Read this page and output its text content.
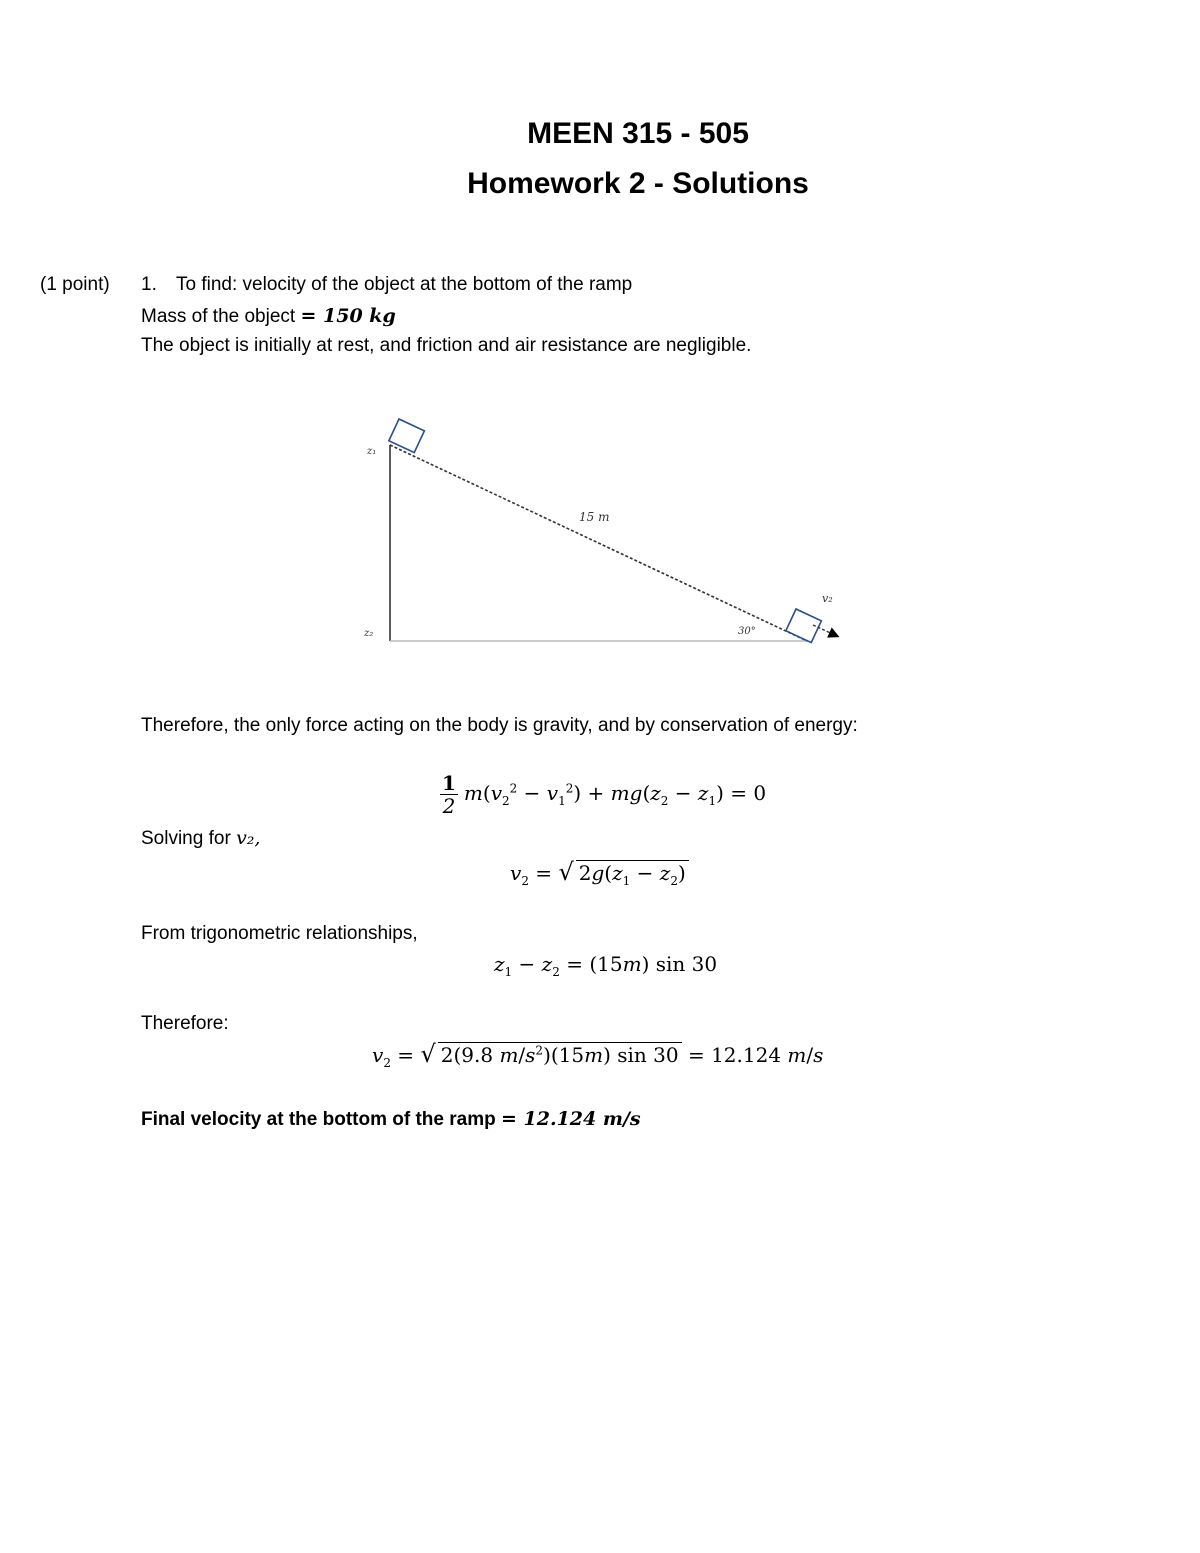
MEEN 315 - 505
Homework 2 - Solutions
(1 point) 1. To find: velocity of the object at the bottom of the ramp
Mass of the object = 150 kg
The object is initially at rest, and friction and air resistance are negligible.
z₁
z₂
15 m
30°
v₂
Therefore, the only force acting on the body is gravity, and by conservation of energy:
$\frac{1}{2} m(v_2^2 - v_1^2) + mg(z_2 - z_1) = 0$
Solving for v₂,
$v_2$ = √ $2g(z_1 - z_2)$
From trigonometric relationships,
$z_1 - z_2 = (15m)$ sin 30
Therefore:
$v_2$ = √ 2(9.8 $m/s^2)(15m)$ sin 30 = 12.124 m/s
Final velocity at the bottom of the ramp = 12.124 m/s
